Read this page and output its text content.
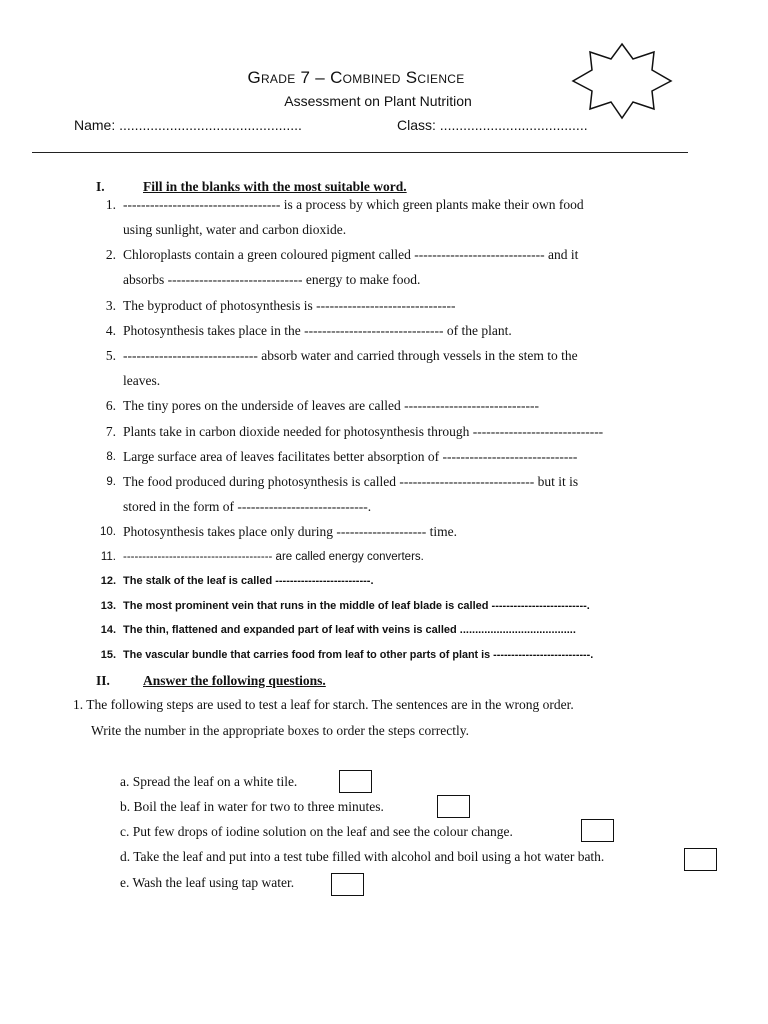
Grade 7 – Combined Science
Assessment on Plant Nutrition
Name: ...............................................	Class: ......................................
I.	Fill in the blanks with the most suitable word.
1. ----------------------------------- is a process by which green plants make their own food
using sunlight, water and carbon dioxide.
2. Chloroplasts contain a green coloured pigment called ----------------------------- and it
absorbs ------------------------------ energy to make food.
3. The byproduct of photosynthesis is -------------------------------
4. Photosynthesis takes place in the ------------------------------- of the plant.
5. ------------------------------ absorb water and carried through vessels in the stem to the
leaves.
6. The tiny pores on the underside of leaves are called ------------------------------
7. Plants take in carbon dioxide needed for photosynthesis through -----------------------------
8. Large surface area of leaves facilitates better absorption of ------------------------------
9. The food produced during photosynthesis is called ------------------------------ but it is
stored in the form of -----------------------------.
10. Photosynthesis takes place only during -------------------- time.
11. --------------------------------------- are called energy converters.
12. The stalk of the leaf is called --------------------------.
13. The most prominent vein that runs in the middle of leaf blade is called --------------------------.
14. The thin, flattened and expanded part of leaf with veins is called ......................................
15. The vascular bundle that carries food from leaf to other parts of plant is ---------------------------.
II. Answer the following questions.
1. The following steps are used to test a leaf for starch. The sentences are in the wrong order.
Write the number in the appropriate boxes to order the steps correctly.
a. Spread the leaf on a white tile.
b. Boil the leaf in water for two to three minutes.
c. Put few drops of iodine solution on the leaf and see the colour change.
d. Take the leaf and put into a test tube filled with alcohol and boil using a hot water bath.
e. Wash the leaf using tap water.
